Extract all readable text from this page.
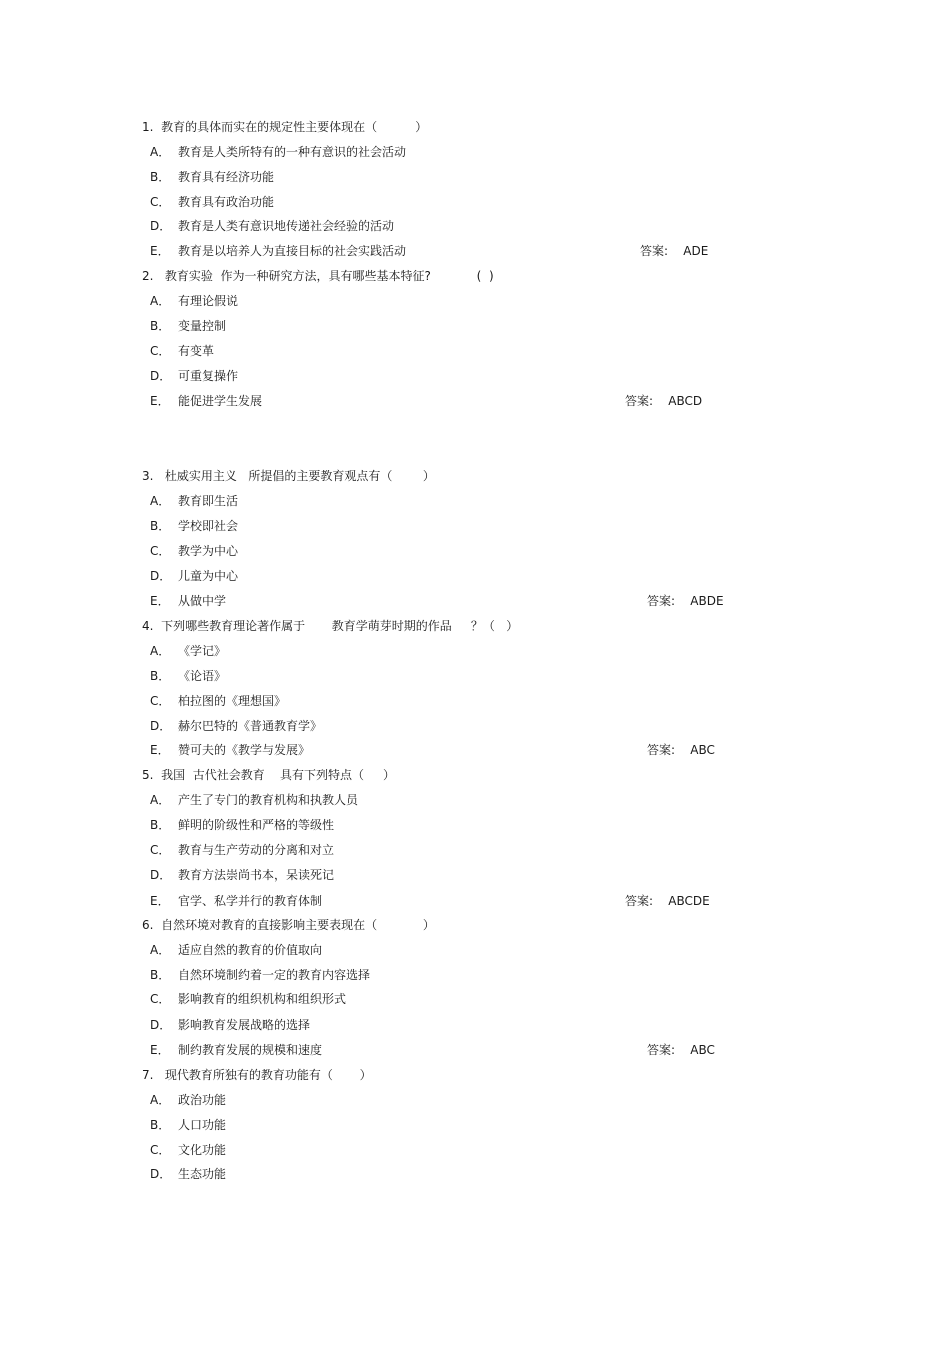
1.  教育的具体而实在的规定性主要体现在（          ）
A． 教育是人类所特有的一种有意识的社会活动
B． 教育具有经济功能
C． 教育具有政治功能
D． 教育是人类有意识地传递社会经验的活动
E． 教育是以培养人为直接目标的社会实践活动	答案:    ADE
2.   教育实验  作为一种研究方法，具有哪些基本特征?            (  )
A． 有理论假说
B． 变量控制
C． 有变革
D． 可重复操作
E． 能促进学生发展	答案:    ABCD
3.   杜威实用主义   所提倡的主要教育观点有（        ）
A． 教育即生活
B． 学校即社会
C． 教学为中心
D． 儿童为中心
E． 从做中学	答案:    ABDE
4.  下列哪些教育理论著作属于       教育学萌芽时期的作品     ？（   ）
A． 《学记》
B． 《论语》
C． 柏拉图的《理想国》
D． 赫尔巴特的《普通教育学》
E． 赞可夫的《教学与发展》	答案:    ABC
5.  我国  古代社会教育    具有下列特点（     ）
A． 产生了专门的教育机构和执教人员
B． 鲜明的阶级性和严格的等级性
C． 教育与生产劳动的分离和对立
D． 教育方法崇尚书本，呆读死记
E． 官学、私学并行的教育体制	答案:    ABCDE
6.  自然环境对教育的直接影响主要表现在（            ）
A． 适应自然的教育的价值取向
B． 自然环境制约着一定的教育内容选择
C． 影响教育的组织机构和组织形式
D． 影响教育发展战略的选择
E． 制约教育发展的规模和速度	答案:    ABC
7.   现代教育所独有的教育功能有（       ）
A． 政治功能
B． 人口功能
C． 文化功能
D． 生态功能
